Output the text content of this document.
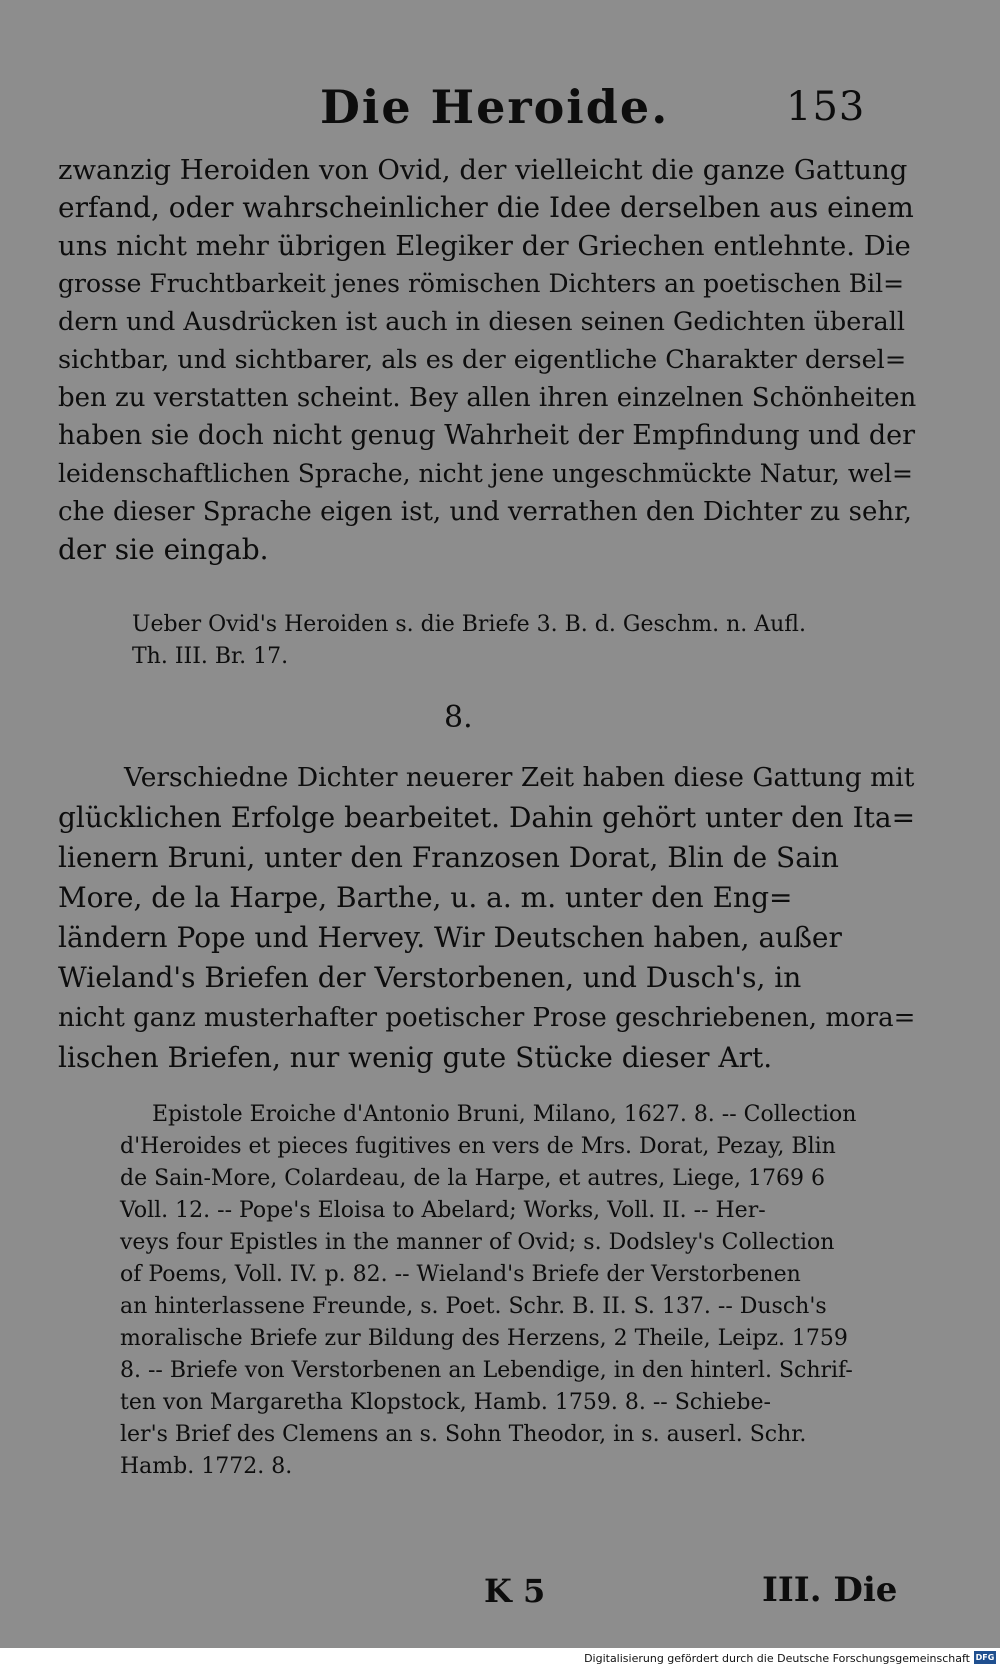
Die Heroide.	153
zwanzig Heroiden von Ovid, der vielleicht die ganze Gattung
erfand, oder wahrscheinlicher die Idee derselben aus einem
uns nicht mehr übrigen Elegiker der Griechen entlehnte. Die
grosse Fruchtbarkeit jenes römischen Dichters an poetischen Bil=
dern und Ausdrücken ist auch in diesen seinen Gedichten überall
sichtbar, und sichtbarer, als es der eigentliche Charakter dersel=
ben zu verstatten scheint. Bey allen ihren einzelnen Schönheiten
haben sie doch nicht genug Wahrheit der Empfindung und der
leidenschaftlichen Sprache, nicht jene ungeschmückte Natur, wel=
che dieser Sprache eigen ist, und verrathen den Dichter zu sehr,
der sie eingab.
Ueber Ovid's Heroiden s. die Briefe 3. B. d. Geschm. n. Aufl.
Th. III. Br. 17.
8.
Verschiedne Dichter neuerer Zeit haben diese Gattung mit
glücklichen Erfolge bearbeitet. Dahin gehört unter den Ita=
lienern Bruni, unter den Franzosen Dorat, Blin de Sain
More, de la Harpe, Barthe, u. a. m. unter den Eng=
ländern Pope und Hervey. Wir Deutschen haben, außer
Wieland's Briefen der Verstorbenen, und Dusch's, in
nicht ganz musterhafter poetischer Prose geschriebenen, mora=
lischen Briefen, nur wenig gute Stücke dieser Art.
Epistole Eroiche d'Antonio Bruni, Milano, 1627. 8. -- Collection
d'Heroides et pieces fugitives en vers de Mrs. Dorat, Pezay, Blin
de Sain-More, Colardeau, de la Harpe, et autres, Liege, 1769 6
Voll. 12. -- Pope's Eloisa to Abelard; Works, Voll. II. -- Her-
veys four Epistles in the manner of Ovid; s. Dodsley's Collection
of Poems, Voll. IV. p. 82. -- Wieland's Briefe der Verstorbenen
an hinterlassene Freunde, s. Poet. Schr. B. II. S. 137. -- Dusch's
moralische Briefe zur Bildung des Herzens, 2 Theile, Leipz. 1759
8. -- Briefe von Verstorbenen an Lebendige, in den hinterl. Schrif-
ten von Margaretha Klopstock, Hamb. 1759. 8. -- Schiebe-
ler's Brief des Clemens an s. Sohn Theodor, in s. auserl. Schr.
Hamb. 1772. 8.
K 5	III. Die
Digitalisierung gefördert durch die Deutsche Forschungsgemeinschaft DFG
